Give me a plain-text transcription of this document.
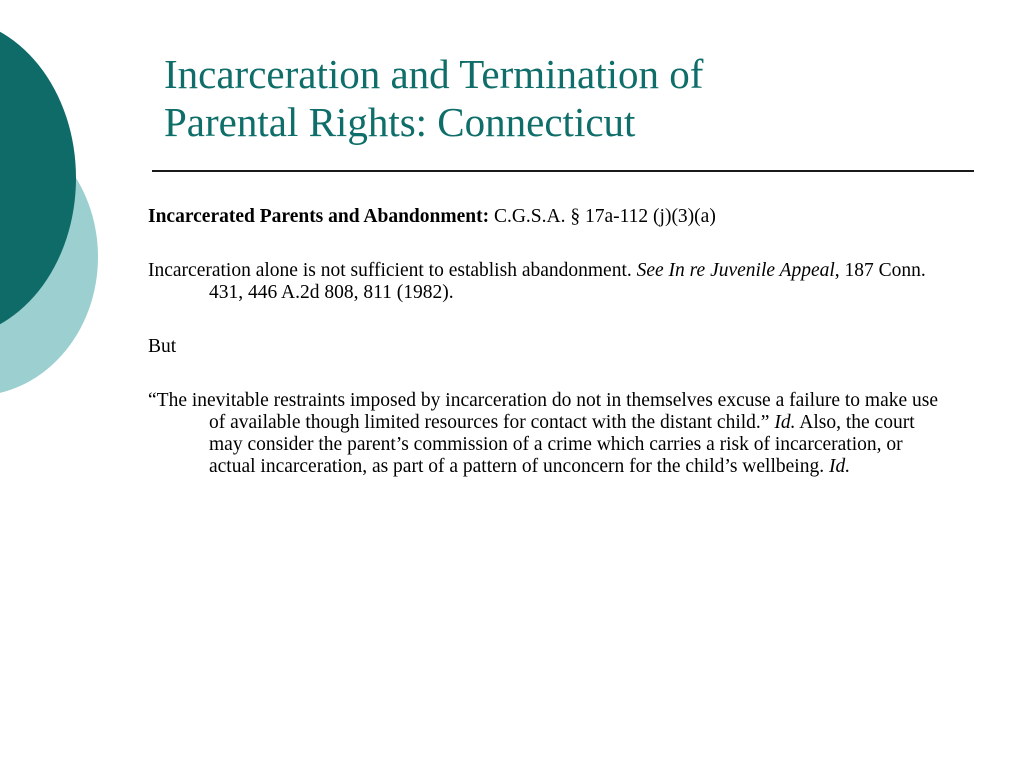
Incarceration and Termination of
Parental Rights: Connecticut

Incarcerated Parents and Abandonment: C.G.S.A. § 17a-112 (j)(3)(a)

Incarceration alone is not sufficient to establish abandonment. See In re Juvenile Appeal, 187 Conn. 431, 446 A.2d 808, 811 (1982).

But

“The inevitable restraints imposed by incarceration do not in themselves excuse a failure to make use of available though limited resources for contact with the distant child.” Id. Also, the court may consider the parent’s commission of a crime which carries a risk of incarceration, or actual incarceration, as part of a pattern of unconcern for the child’s wellbeing. Id.
